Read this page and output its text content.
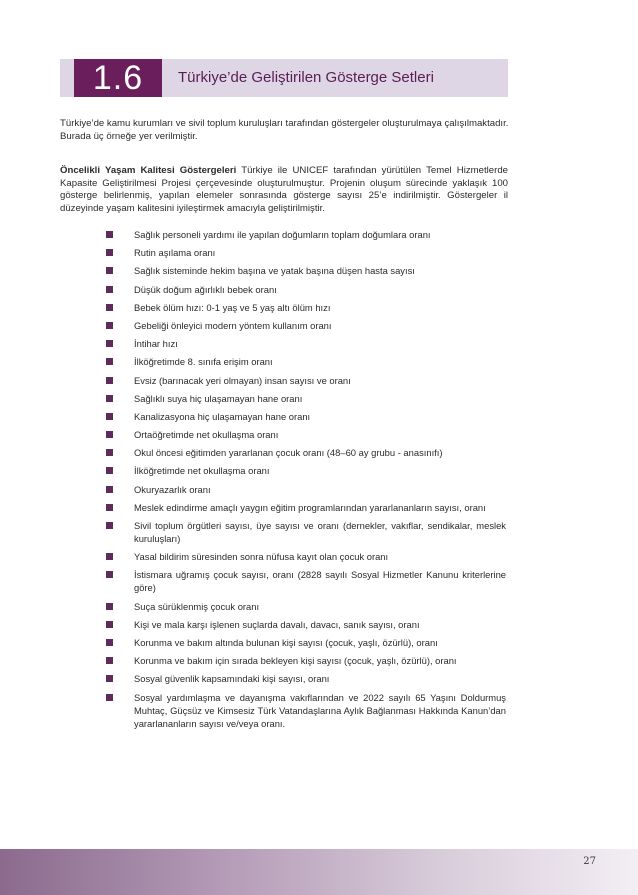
1.6	Türkiye’de Geliştirilen Gösterge Setleri

Türkiye’de kamu kurumları ve sivil toplum kuruluşları tarafından göstergeler oluşturulmaya çalışılmaktadır. Burada üç örneğe yer verilmiştir.

Öncelikli Yaşam Kalitesi Göstergeleri Türkiye ile UNICEF tarafından yürütülen Temel Hizmetlerde Kapasite Geliştirilmesi Projesi çerçevesinde oluşturulmuştur. Projenin oluşum sürecinde yaklaşık 100 gösterge belirlenmiş, yapılan elemeler sonrasında gösterge sayısı 25’e indirilmiştir. Göstergeler il düzeyinde yaşam kalitesini iyileştirmek amacıyla geliştirilmiştir.

Sağlık personeli yardımı ile yapılan doğumların toplam doğumlara oranı
Rutin aşılama oranı
Sağlık sisteminde hekim başına ve yatak başına düşen hasta sayısı
Düşük doğum ağırlıklı bebek oranı
Bebek ölüm hızı: 0-1 yaş ve 5 yaş altı ölüm hızı
Gebeliği önleyici modern yöntem kullanım oranı
İntihar hızı
İlköğretimde 8. sınıfa erişim oranı
Evsiz (barınacak yeri olmayan) insan sayısı ve oranı
Sağlıklı suya hiç ulaşamayan hane oranı
Kanalizasyona hiç ulaşamayan hane oranı
Ortaöğretimde net okullaşma oranı
Okul öncesi eğitimden yararlanan çocuk oranı (48–60 ay grubu - anasınıfı)
İlköğretimde net okullaşma oranı
Okuryazarlık oranı
Meslek edindirme amaçlı yaygın eğitim programlarından yararlananların sayısı, oranı
Sivil toplum örgütleri sayısı, üye sayısı ve oranı (dernekler, vakıflar, sendikalar, meslek kuruluşları)
Yasal bildirim süresinden sonra nüfusa kayıt olan çocuk oranı
İstismara uğramış çocuk sayısı, oranı (2828 sayılı Sosyal Hizmetler Kanunu kriterlerine göre)
Suça sürüklenmiş çocuk oranı
Kişi ve mala karşı işlenen suçlarda davalı, davacı, sanık sayısı, oranı
Korunma ve bakım altında bulunan kişi sayısı (çocuk, yaşlı, özürlü), oranı
Korunma ve bakım için sırada bekleyen kişi sayısı (çocuk, yaşlı, özürlü), oranı
Sosyal güvenlik kapsamındaki kişi sayısı, oranı
Sosyal yardımlaşma ve dayanışma vakıflarından ve 2022 sayılı 65 Yaşını Doldurmuş Muhtaç, Güçsüz ve Kimsesiz Türk Vatandaşlarına Aylık Bağlanması Hakkında Kanun’dan yararlananların sayısı ve/veya oranı.
27
